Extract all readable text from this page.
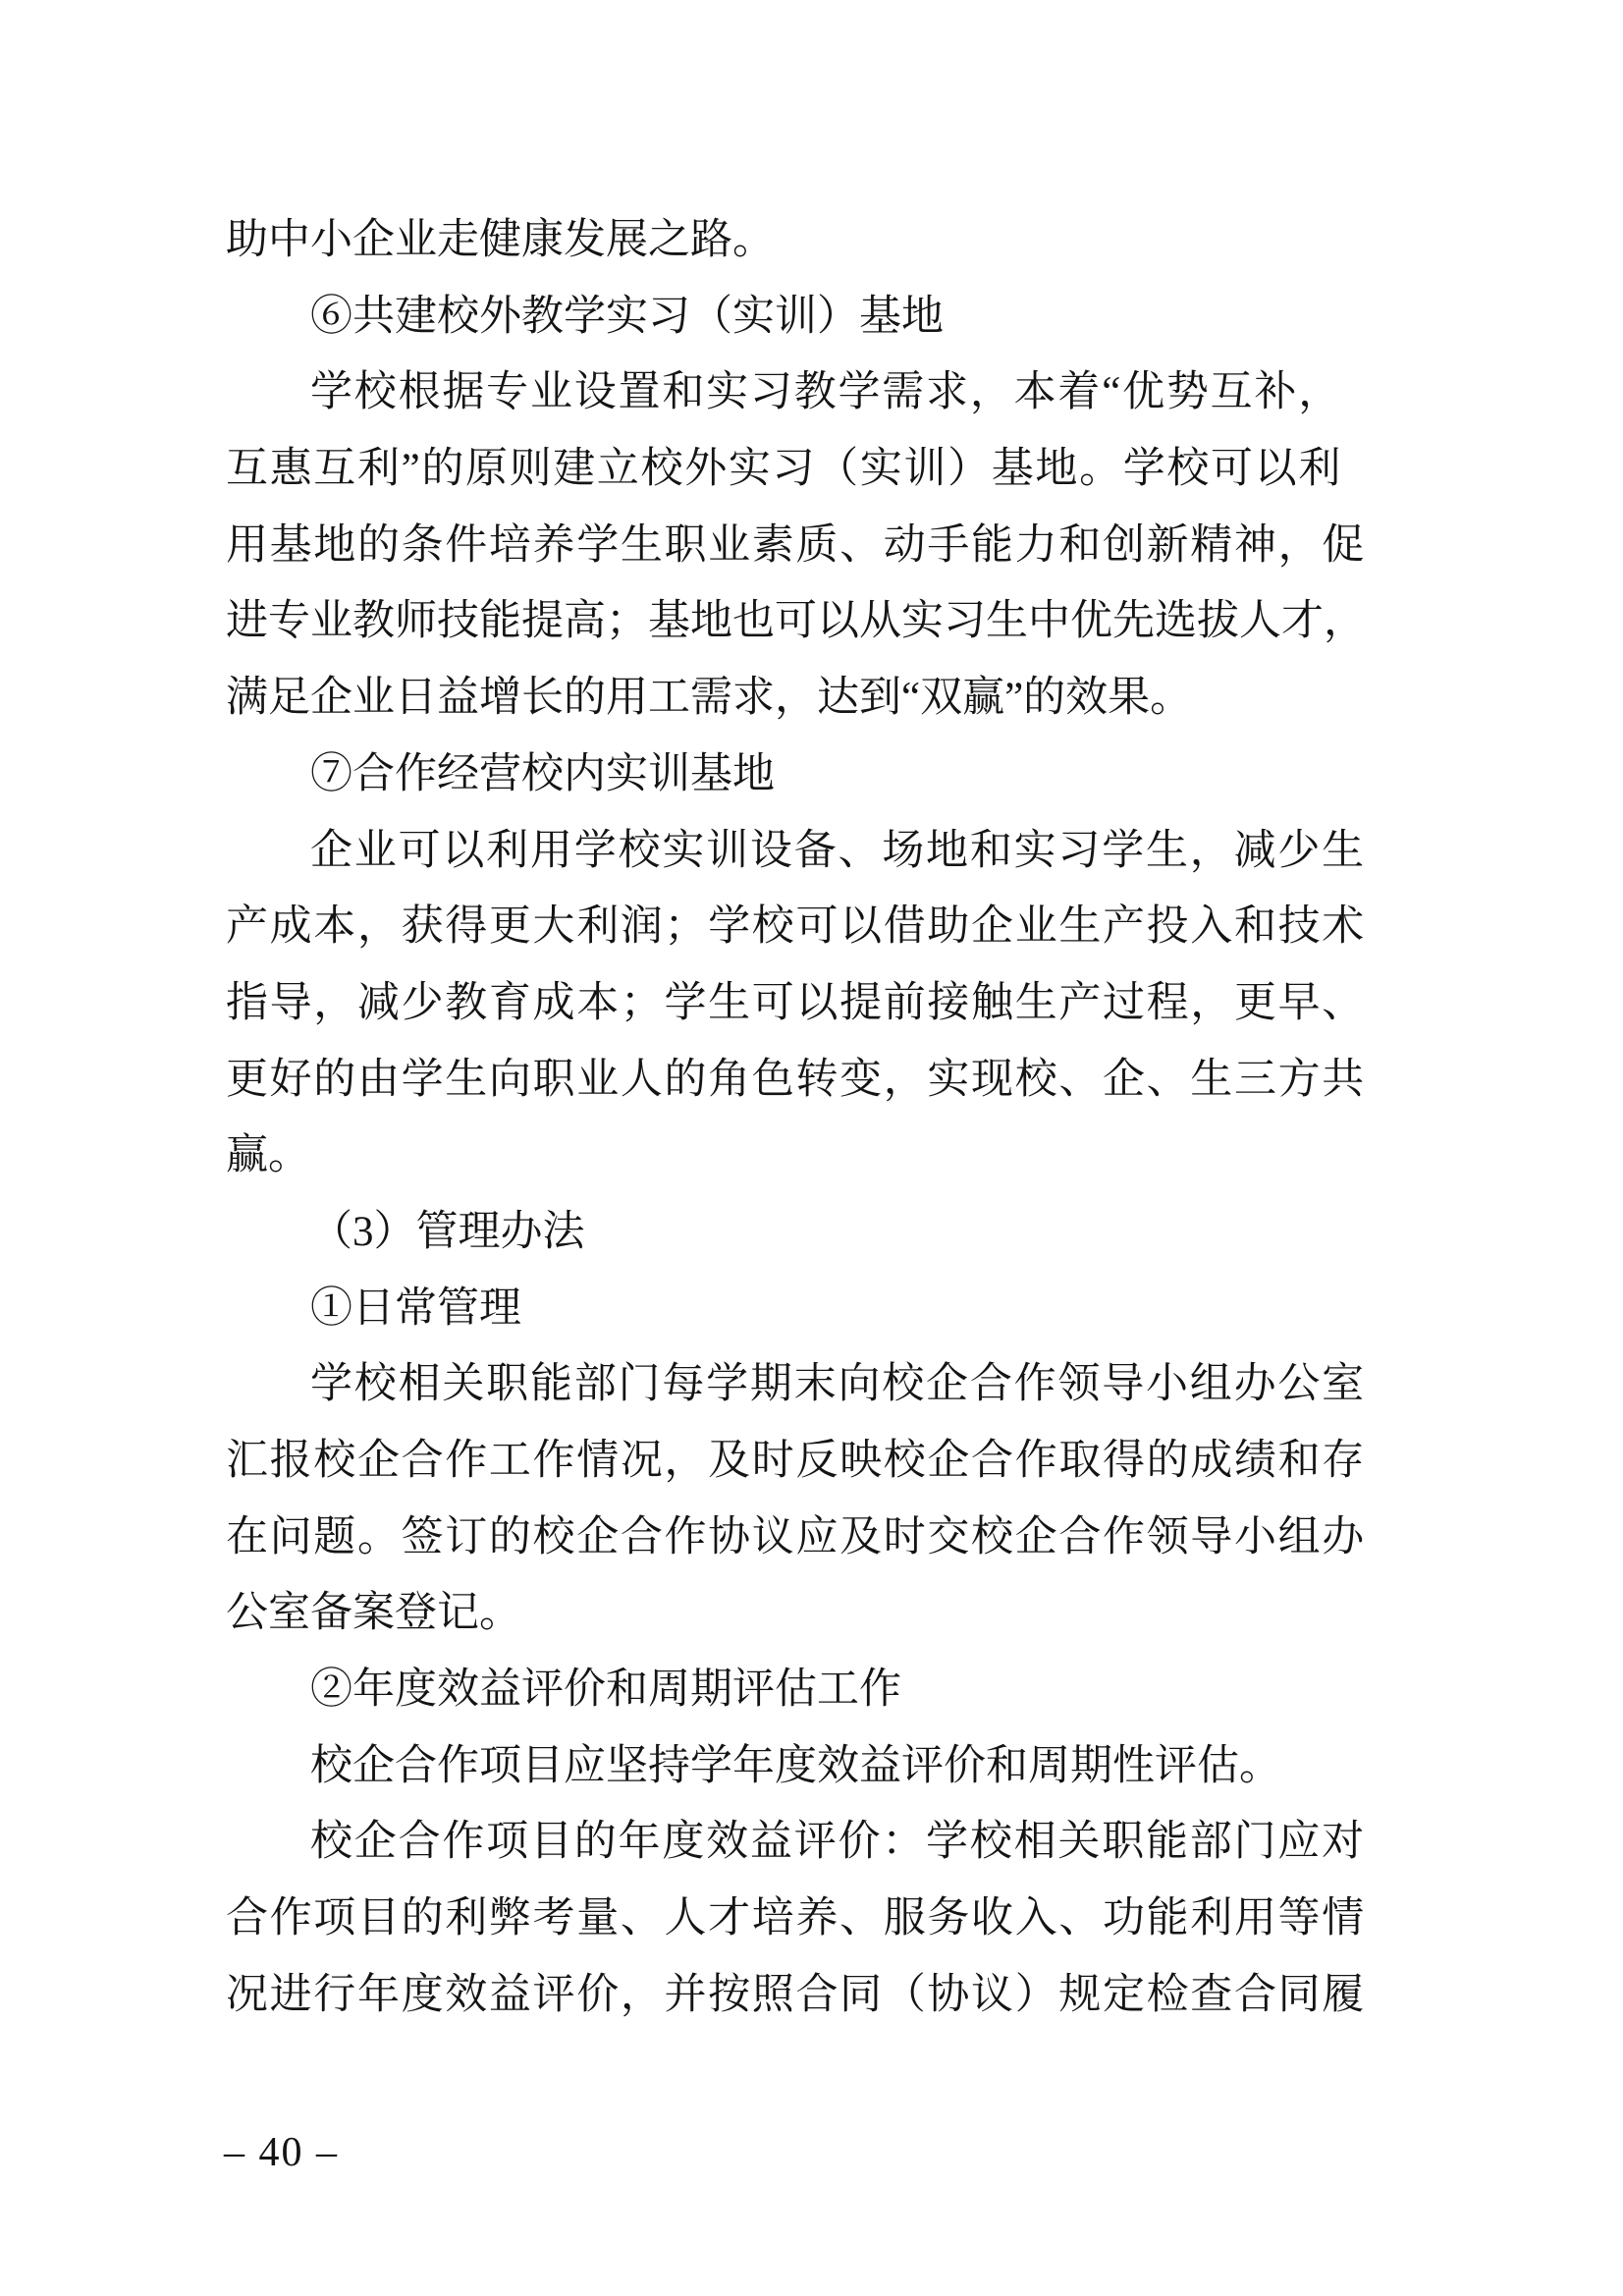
助中小企业走健康发展之路。
⑥共建校外教学实习（实训）基地
学校根据专业设置和实习教学需求，本着“优势互补，
互惠互利”的原则建立校外实习（实训）基地。学校可以利
用基地的条件培养学生职业素质、动手能力和创新精神，促
进专业教师技能提高；基地也可以从实习生中优先选拔人才，
满足企业日益增长的用工需求，达到“双赢”的效果。
⑦合作经营校内实训基地
企业可以利用学校实训设备、场地和实习学生，减少生
产成本，获得更大利润；学校可以借助企业生产投入和技术
指导，减少教育成本；学生可以提前接触生产过程，更早、
更好的由学生向职业人的角色转变，实现校、企、生三方共
赢。
（3）管理办法
①日常管理
学校相关职能部门每学期末向校企合作领导小组办公室
汇报校企合作工作情况，及时反映校企合作取得的成绩和存
在问题。签订的校企合作协议应及时交校企合作领导小组办
公室备案登记。
②年度效益评价和周期评估工作
校企合作项目应坚持学年度效益评价和周期性评估。
校企合作项目的年度效益评价：学校相关职能部门应对
合作项目的利弊考量、人才培养、服务收入、功能利用等情
况进行年度效益评价，并按照合同（协议）规定检查合同履
– 40 –
